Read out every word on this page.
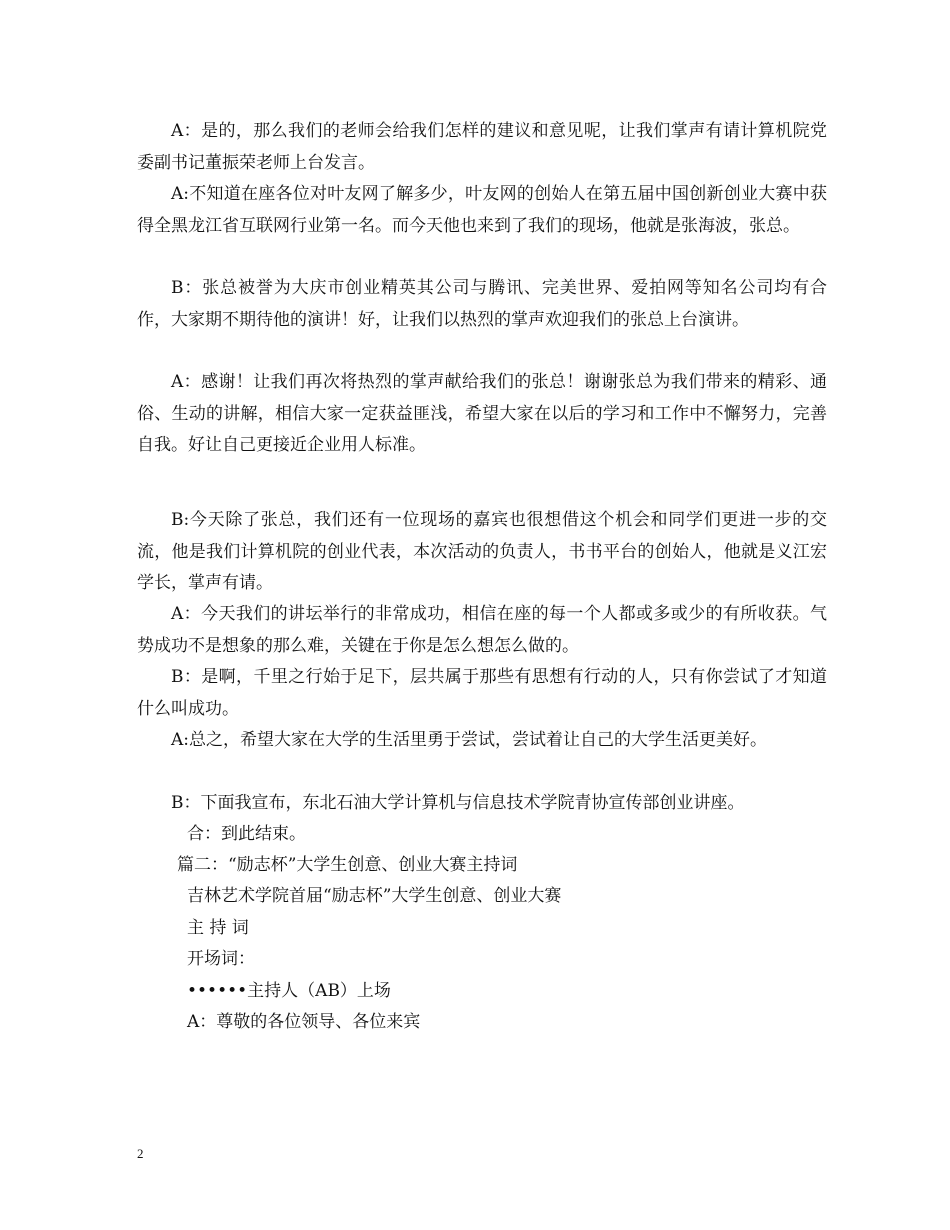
A：是的，那么我们的老师会给我们怎样的建议和意见呢，让我们掌声有请计算机院党委副书记董振荣老师上台发言。

A:不知道在座各位对叶友网了解多少，叶友网的创始人在第五届中国创新创业大赛中获得全黑龙江省互联网行业第一名。而今天他也来到了我们的现场，他就是张海波，张总。

B：张总被誉为大庆市创业精英其公司与腾讯、完美世界、爱拍网等知名公司均有合作，大家期不期待他的演讲！好，让我们以热烈的掌声欢迎我们的张总上台演讲。

A：感谢！让我们再次将热烈的掌声献给我们的张总！谢谢张总为我们带来的精彩、通俗、生动的讲解，相信大家一定获益匪浅，希望大家在以后的学习和工作中不懈努力，完善自我。好让自己更接近企业用人标准。

B:今天除了张总，我们还有一位现场的嘉宾也很想借这个机会和同学们更进一步的交流，他是我们计算机院的创业代表，本次活动的负责人，书书平台的创始人，他就是义江宏学长，掌声有请。

A：今天我们的讲坛举行的非常成功，相信在座的每一个人都或多或少的有所收获。气势成功不是想象的那么难，关键在于你是怎么想怎么做的。

B：是啊，千里之行始于足下，层共属于那些有思想有行动的人，只有你尝试了才知道什么叫成功。

A:总之，希望大家在大学的生活里勇于尝试，尝试着让自己的大学生活更美好。

B：下面我宣布，东北石油大学计算机与信息技术学院青协宣传部创业讲座。

合：到此结束。

篇二：“励志杯”大学生创意、创业大赛主持词

吉林艺术学院首届“励志杯”大学生创意、创业大赛

主 持 词

开场词：

••••••主持人（AB）上场

A：尊敬的各位领导、各位来宾

2
